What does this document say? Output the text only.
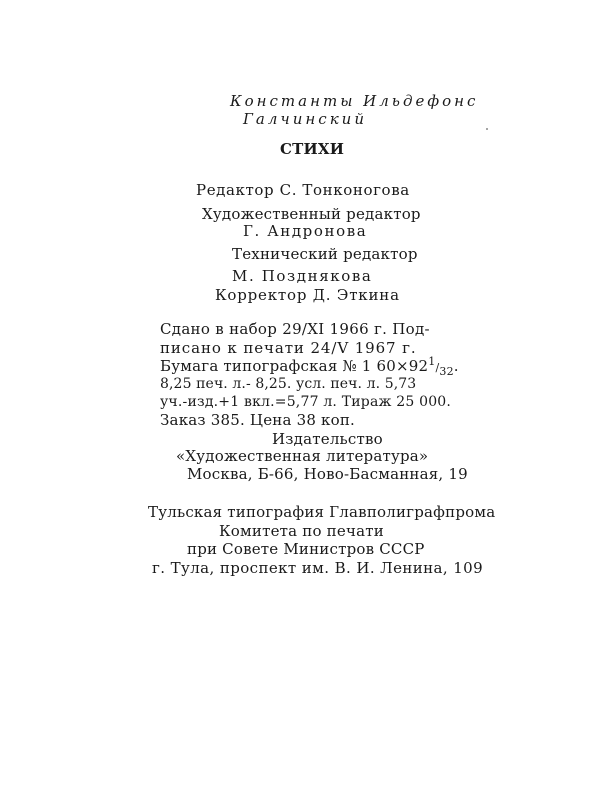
Константы Ильдефонс
Галчинский
СТИХИ
Редактор С. Тонконогова
Художественный редактор
Г. Андронова
Технический редактор
М. Позднякова
Корректор Д. Эткина
Сдано в набор 29/XI 1966 г. Под-
писано к печати 24/V 1967 г.
Бумага типографская № 1 $60\times 92^1/_{32}$.
8,25 печ. л.- 8,25. усл. печ. л. 5,73
уч.-изд.+1 вкл.=5,77 л. Тираж 25 000.
Заказ 385. Цена 38 коп.
Издательство
«Художественная литература»
Москва, Б-66, Ново-Басманная, 19
Тульская типография Главполиграфпрома
Комитета по печати
при Совете Министров СССР
г. Тула, проспект им. В. И. Ленина, 109
